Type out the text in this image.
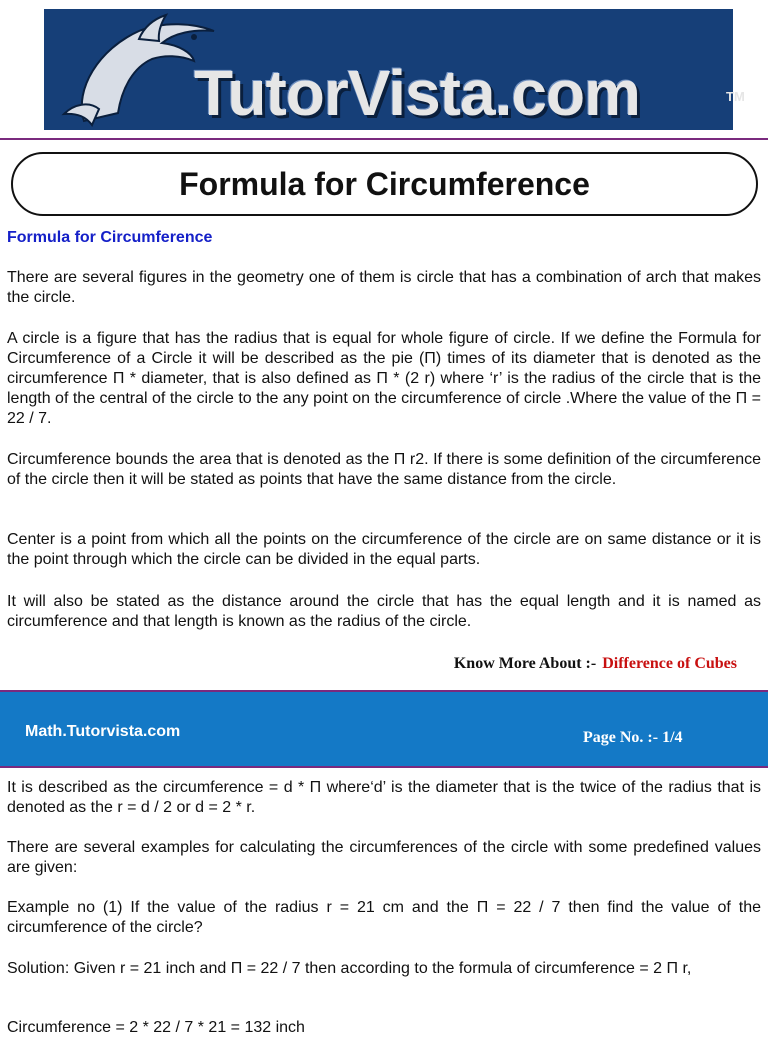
TutorVista.com	TM
Formula for Circumference
Formula for Circumference

There are several figures in the geometry one of them is circle that has a combination of arch that makes the circle.

A circle is a figure that has the radius that is equal for whole figure of circle. If we define the Formula for Circumference of a Circle it will be described as the pie (Π) times of its diameter that is denoted as the circumference Π * diameter, that is also defined as Π * (2 r) where ‘r’ is the radius of the circle that is the length of the central of the circle to the any point on the circumference of circle .Where the value of the Π = 22 / 7.

Circumference bounds the area that is denoted as the Π r2. If there is some definition of the circumference of the circle then it will be stated as points that have the same distance from the circle.

Center is a point from which all the points on the circumference of the circle are on same distance or it is the point through which the circle can be divided in the equal parts.

It will also be stated as the distance around the circle that has the equal length and it is named as circumference and that length is known as the radius of the circle.

Know More About :- Difference of Cubes
Math.Tutorvista.com	Page No. :- 1/4

It is described as the circumference = d * Π where‘d’ is the diameter that is the twice of the radius that is denoted as the r = d / 2 or d = 2 * r.

There are several examples for calculating the circumferences of the circle with some predefined values are given:

Example no (1) If the value of the radius r = 21 cm and the Π = 22 / 7 then find the value of the circumference of the circle?

Solution: Given r = 21 inch and Π = 22 / 7 then according to the formula of circumference = 2 Π r,

Circumference = 2 * 22 / 7 * 21 = 132 inch
